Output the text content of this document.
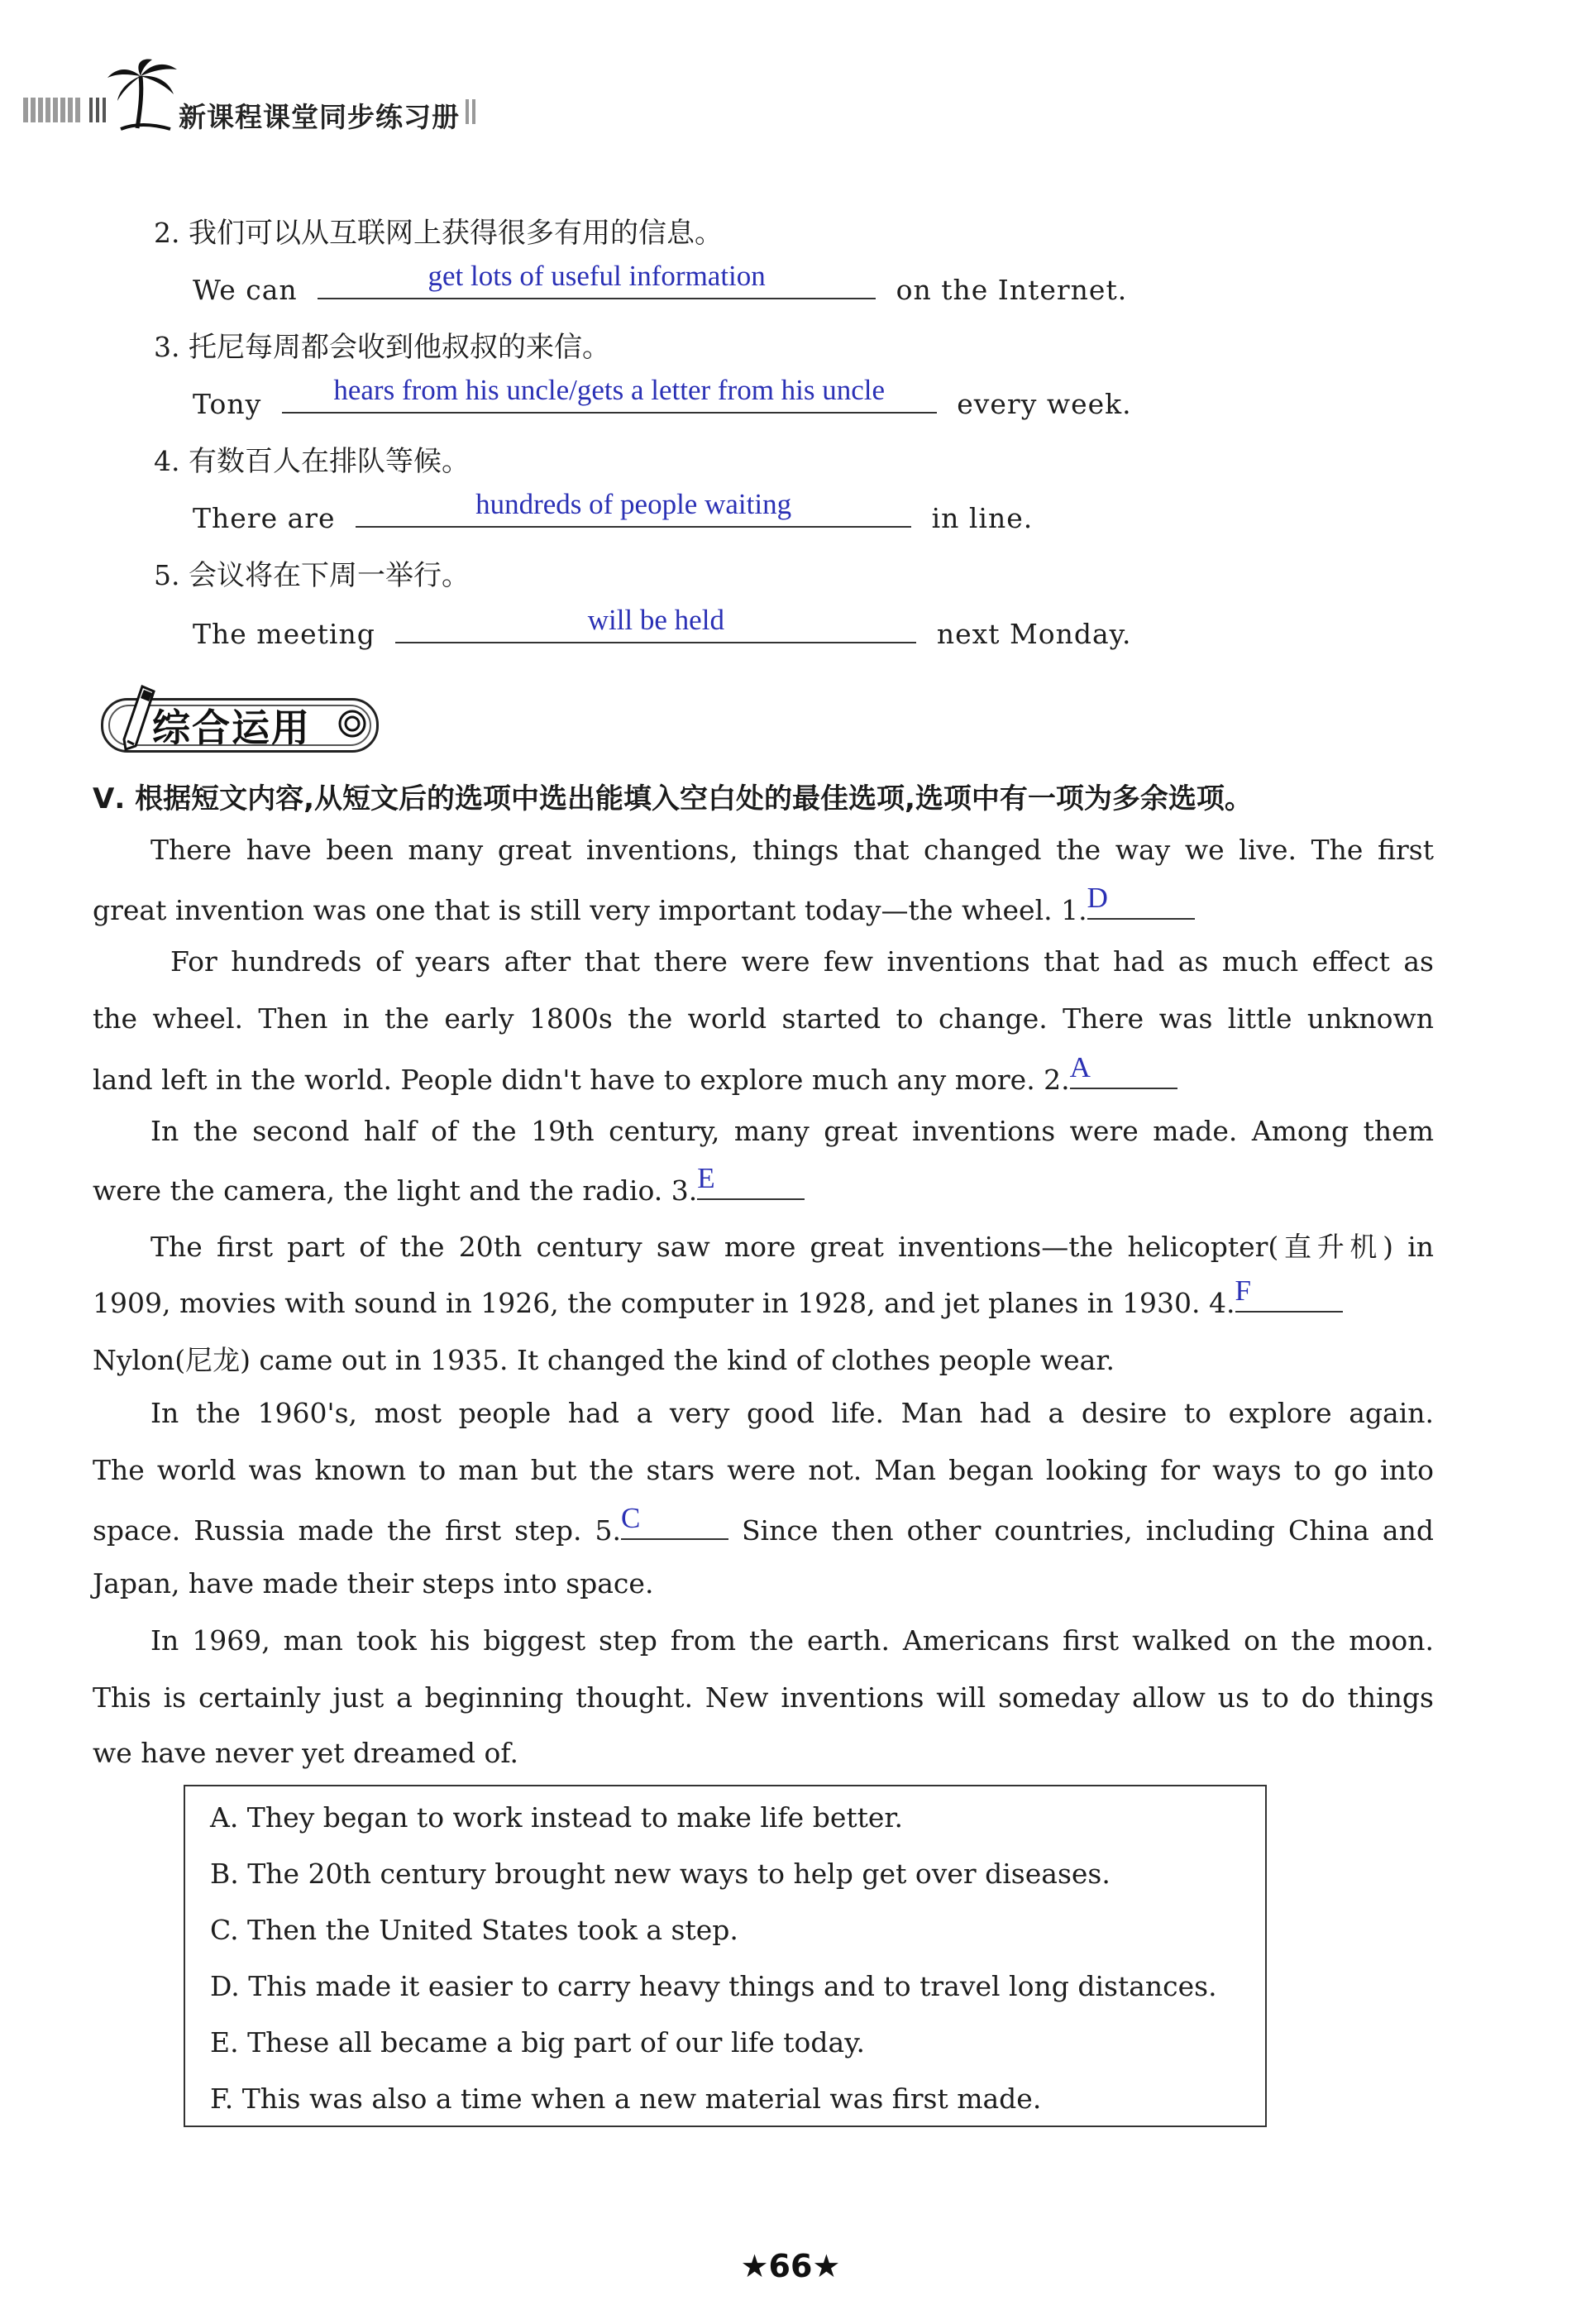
新课程课堂同步练习册
2. 我们可以从互联网上获得很多有用的信息。
We can	get lots of useful information	on the Internet.
3. 托尼每周都会收到他叔叔的来信。
Tony	hears from his uncle/gets a letter from his uncle	every week.
4. 有数百人在排队等候。
There are	hundreds of people waiting	in line.
5. 会议将在下周一举行。
The meeting	will be held	next Monday.
综合运用
Ⅴ. 根据短文内容,从短文后的选项中选出能填入空白处的最佳选项,选项中有一项为多余选项。
There have been many great inventions, things that changed the way we live. The first
great invention was one that is still very important today—the wheel. 1. D
For hundreds of years after that there were few inventions that had as much effect as
the wheel. Then in the early 1800s the world started to change. There was little unknown
land left in the world. People didn't have to explore much any more. 2. A
In the second half of the 19th century, many great inventions were made. Among them
were the camera, the light and the radio. 3. E
The first part of the 20th century saw more great inventions—the helicopter(直升机) in
1909, movies with sound in 1926, the computer in 1928, and jet planes in 1930. 4. F
Nylon(尼龙) came out in 1935. It changed the kind of clothes people wear.
In the 1960's, most people had a very good life. Man had a desire to explore again.
The world was known to man but the stars were not. Man began looking for ways to go into
space. Russia made the first step. 5. C	Since then other countries, including China and
Japan, have made their steps into space.
In 1969, man took his biggest step from the earth. Americans first walked on the moon.
This is certainly just a beginning thought. New inventions will someday allow us to do things
we have never yet dreamed of.
A. They began to work instead to make life better.
B. The 20th century brought new ways to help get over diseases.
C. Then the United States took a step.
D. This made it easier to carry heavy things and to travel long distances.
E. These all became a big part of our life today.
F. This was also a time when a new material was first made.
★66★
